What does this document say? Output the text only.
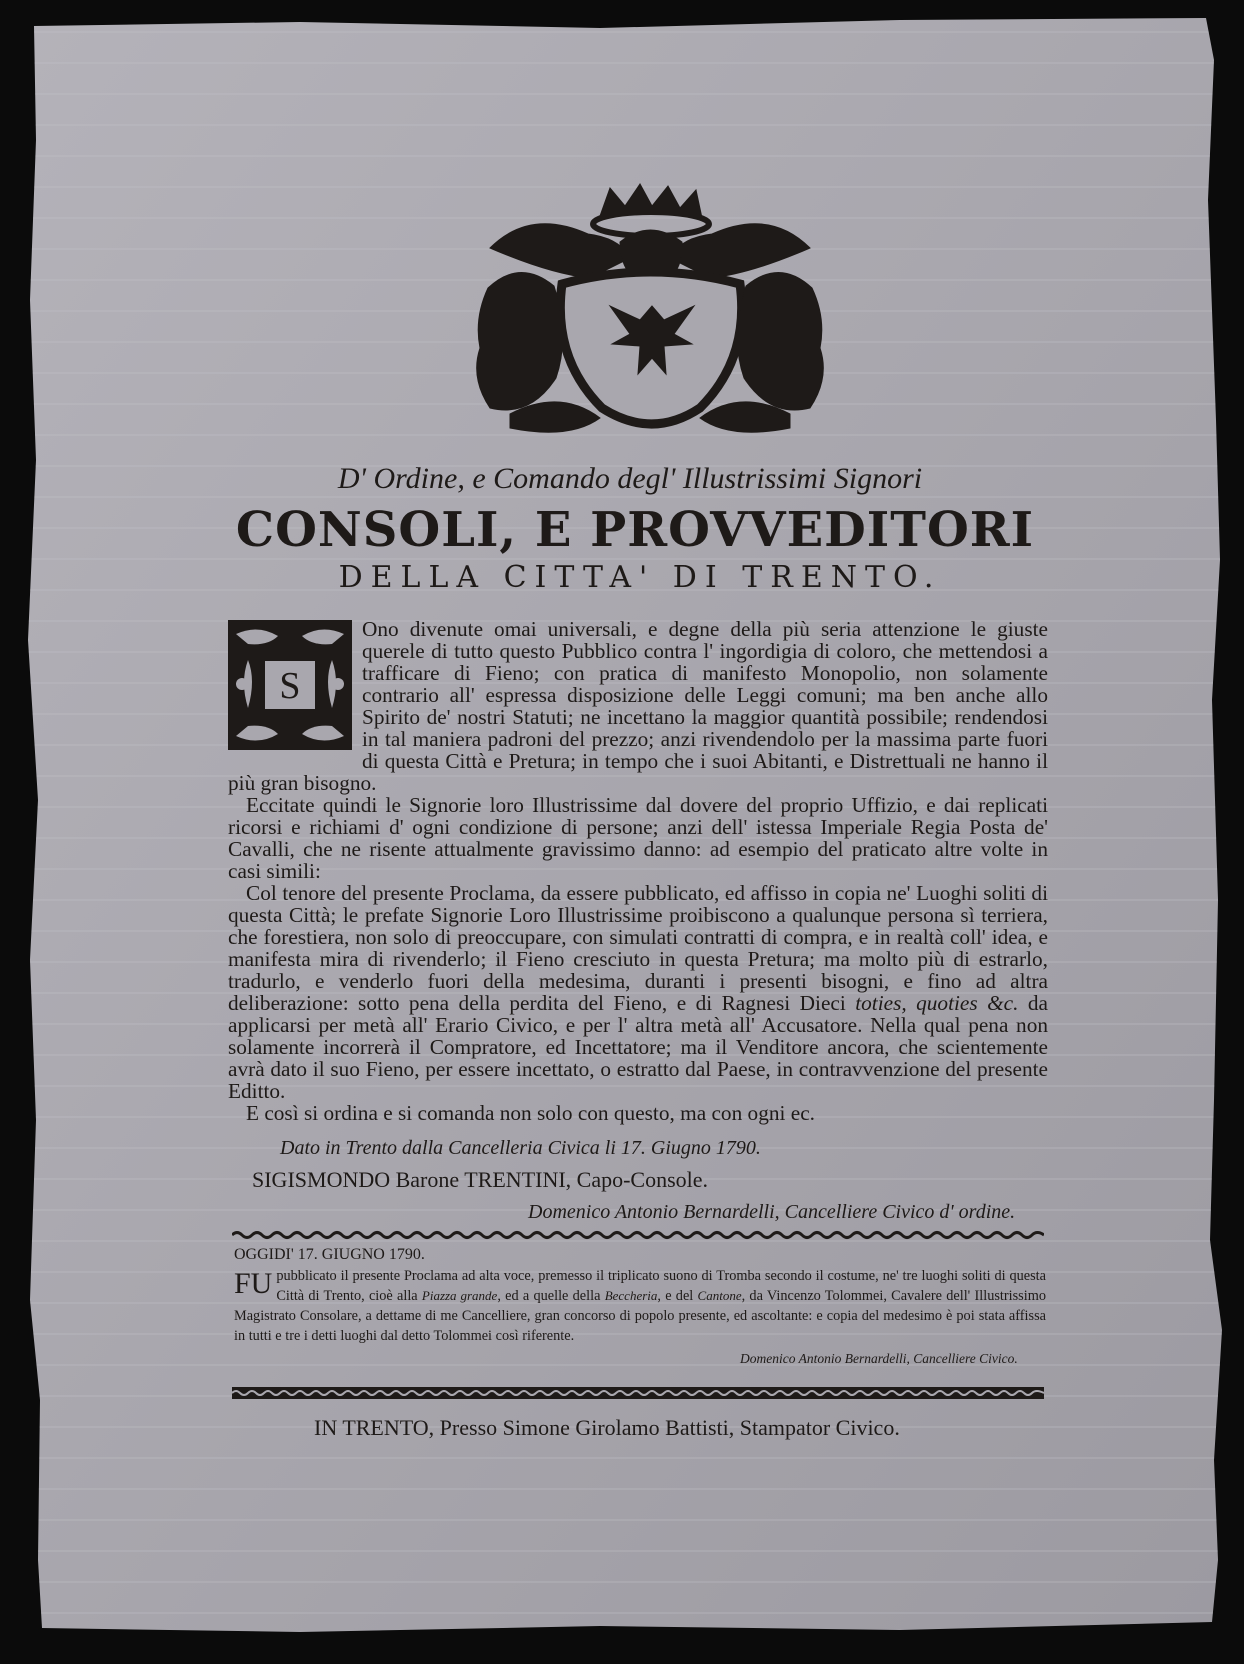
D' Ordine, e Comando degl' Illustrissimi Signori
CONSOLI, E PROVVEDITORI
DELLA CITTA' DI TRENTO.
S

Ono divenute omai universali, e degne della più seria attenzione le giuste querele di tutto questo Pubblico contra l' ingordigia di coloro, che mettendosi a trafficare di Fieno; con pratica di manifesto Monopolio, non solamente contrario all' espressa disposizione delle Leggi comuni; ma ben anche allo Spirito de' nostri Statuti; ne incettano la maggior quantità possibile; rendendosi in tal maniera padroni del prezzo; anzi rivendendolo per la massima parte fuori di questa Città e Pretura; in tempo che i suoi Abitanti, e Distrettuali ne hanno il più gran bisogno.

Eccitate quindi le Signorie loro Illustrissime dal dovere del proprio Uffizio, e dai replicati ricorsi e richiami d' ogni condizione di persone; anzi dell' istessa Imperiale Regia Posta de' Cavalli, che ne risente attualmente gravissimo danno: ad esempio del praticato altre volte in casi simili:

Col tenore del presente Proclama, da essere pubblicato, ed affisso in copia ne' Luoghi soliti di questa Città; le prefate Signorie Loro Illustrissime proibiscono a qualunque persona sì terriera, che forestiera, non solo di preoccupare, con simulati contratti di compra, e in realtà coll' idea, e manifesta mira di rivenderlo; il Fieno cresciuto in questa Pretura; ma molto più di estrarlo, tradurlo, e venderlo fuori della medesima, duranti i presenti bisogni, e fino ad altra deliberazione: sotto pena della perdita del Fieno, e di Ragnesi Dieci toties, quoties &c. da applicarsi per metà all' Erario Civico, e per l' altra metà all' Accusatore. Nella qual pena non solamente incorrerà il Compratore, ed Incettatore; ma il Venditore ancora, che scientemente avrà dato il suo Fieno, per essere incettato, o estratto dal Paese, in contravvenzione del presente Editto.

E così si ordina e si comanda non solo con questo, ma con ogni ec.

Dato in Trento dalla Cancelleria Civica li 17. Giugno 1790.
SIGISMONDO Barone TRENTINI, Capo-Console.
Domenico Antonio Bernardelli, Cancelliere Civico d' ordine.
OGGIDI' 17. GIUGNO 1790.
FU pubblicato il presente Proclama ad alta voce, premesso il triplicato suono di Tromba secondo il costume, ne' tre luoghi soliti di questa Città di Trento, cioè alla Piazza grande, ed a quelle della Beccheria, e del Cantone, da Vincenzo Tolommei, Cavalere dell' Illustrissimo Magistrato Consolare, a dettame di me Cancelliere, gran concorso di popolo presente, ed ascoltante: e copia del medesimo è poi stata affissa in tutti e tre i detti luoghi dal detto Tolommei così riferente.
Domenico Antonio Bernardelli, Cancelliere Civico.
IN TRENTO, Presso Simone Girolamo Battisti, Stampator Civico.
